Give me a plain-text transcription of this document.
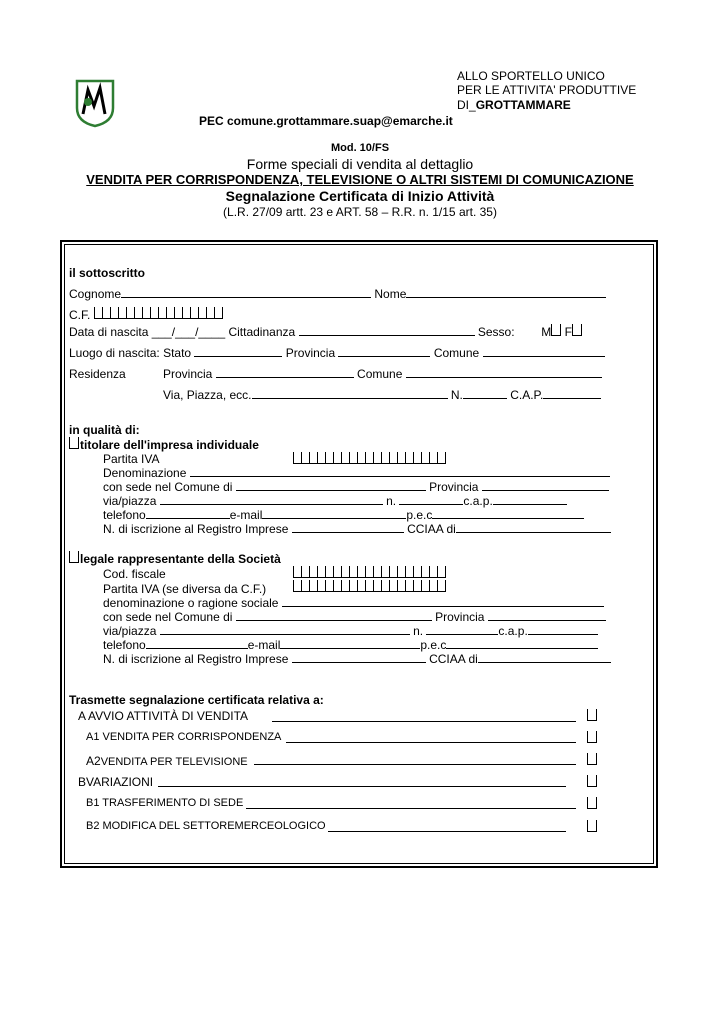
ALLO SPORTELLO UNICO
PER LE ATTIVITA' PRODUTTIVE
DI_GROTTAMMARE
PEC comune.grottammare.suap@emarche.it
Mod. 10/FS
Forme speciali di vendita al dettaglio
VENDITA PER CORRISPONDENZA, TELEVISIONE O ALTRI SISTEMI DI COMUNICAZIONE
Segnalazione Certificata di Inizio Attività
(L.R. 27/09 artt. 23 e ART. 58 – R.R. n. 1/15 art. 35)
il sottoscritto
Cognome	Nome
C.F.
Data di nascita ___/___/____ Cittadinanza	Sesso: M F
Luogo di nascita: Stato	Provincia	Comune
Residenza	Provincia	Comune
Via, Piazza, ecc.	N.	C.A.P.
in qualità di:
titolare dell'impresa individuale
Partita IVA
Denominazione
con sede nel Comune di	Provincia
via/piazza	n.	c.a.p.
telefono	e-mail	p.e.c
N. di iscrizione al Registro Imprese	CCIAA di
legale rappresentante della Società
Cod. fiscale
Partita IVA (se diversa da C.F.)
denominazione o ragione sociale
con sede nel Comune di	Provincia
via/piazza	n.	c.a.p.
telefono	e-mail	p.e.c
N. di iscrizione al Registro Imprese	CCIAA di
Trasmette segnalazione certificata relativa a:
A AVVIO ATTIVITÀ DI VENDITA
A1 VENDITA PER CORRISPONDENZA
A2VENDITA PER TELEVISIONE
BVARIAZIONI
B1 TRASFERIMENTO DI SEDE
B2 MODIFICA DEL SETTOREMERCEOLOGICO
